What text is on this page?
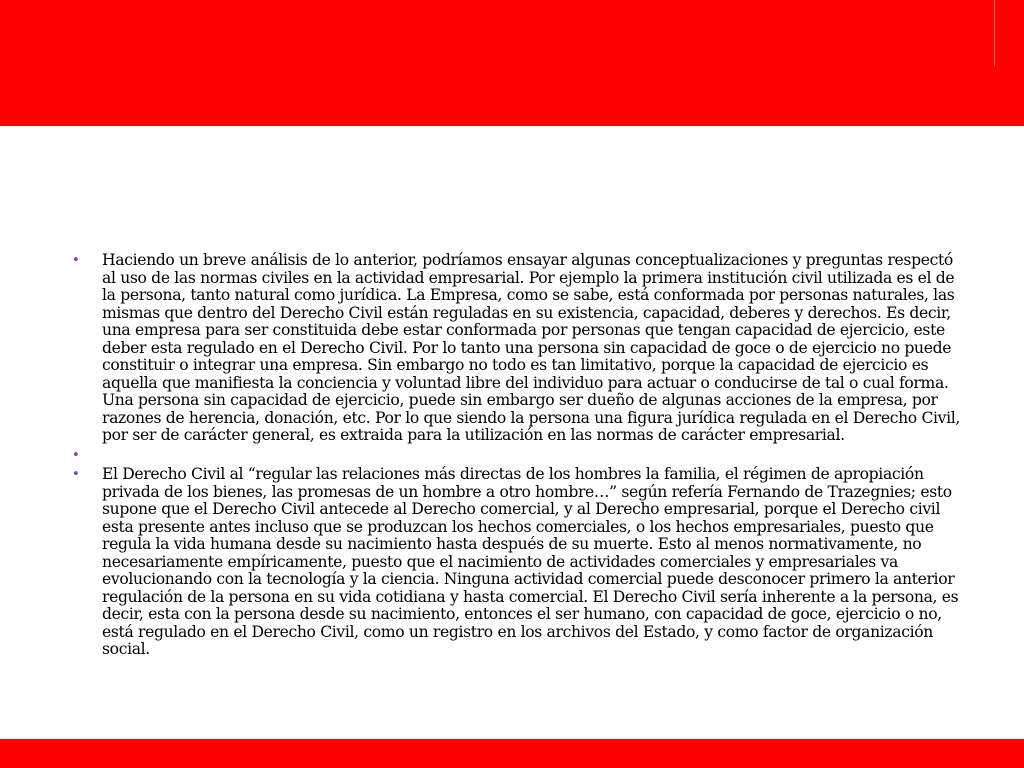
• Haciendo un breve análisis de lo anterior, podríamos ensayar algunas conceptualizaciones y preguntas respectó al uso de las normas civiles en la actividad empresarial. Por ejemplo la primera institución civil utilizada es el de la persona, tanto natural como jurídica. La Empresa, como se sabe, está conformada por personas naturales, las mismas que dentro del Derecho Civil están reguladas en su existencia, capacidad, deberes y derechos. Es decir, una empresa para ser constituida debe estar conformada por personas que tengan capacidad de ejercicio, este deber esta regulado en el Derecho Civil. Por lo tanto una persona sin capacidad de goce o de ejercicio no puede constituir o integrar una empresa. Sin embargo no todo es tan limitativo, porque la capacidad de ejercicio es aquella que manifiesta la conciencia y voluntad libre del individuo para actuar o conducirse de tal o cual forma. Una persona sin capacidad de ejercicio, puede sin embargo ser dueño de algunas acciones de la empresa, por razones de herencia, donación, etc. Por lo que siendo la persona una figura jurídica regulada en el Derecho Civil, por ser de carácter general, es extraida para la utilización en las normas de carácter empresarial.
•
• El Derecho Civil al “regular las relaciones más directas de los hombres la familia, el régimen de apropiación privada de los bienes, las promesas de un hombre a otro hombre…” según refería Fernando de Trazegnies; esto supone que el Derecho Civil antecede al Derecho comercial, y al Derecho empresarial, porque el Derecho civil esta presente antes incluso que se produzcan los hechos comerciales, o los hechos empresariales, puesto que regula la vida humana desde su nacimiento hasta después de su muerte. Esto al menos normativamente, no necesariamente empíricamente, puesto que el nacimiento de actividades comerciales y empresariales va evolucionando con la tecnología y la ciencia. Ninguna actividad comercial puede desconocer primero la anterior regulación de la persona en su vida cotidiana y hasta comercial. El Derecho Civil sería inherente a la persona, es decir, esta con la persona desde su nacimiento, entonces el ser humano, con capacidad de goce, ejercicio o no, está regulado en el Derecho Civil, como un registro en los archivos del Estado, y como factor de organización social.
